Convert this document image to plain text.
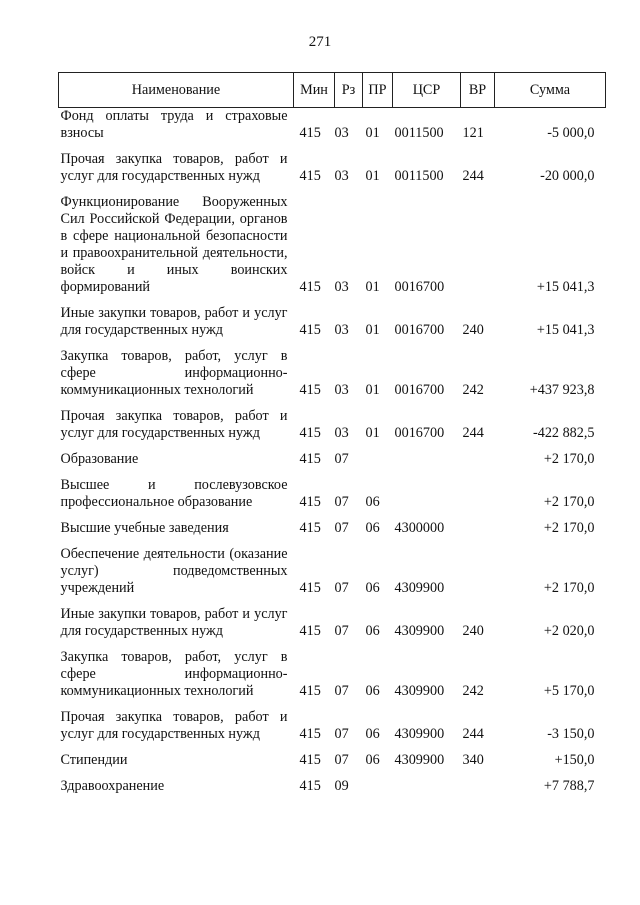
271
Наименование	Мин	Рз	ПР	ЦСР	ВР	Сумма
Фонд оплаты труда и страховые взносы	415	03	01	0011500	121	-5 000,0

Прочая закупка товаров, работ и услуг для государственных нужд	415	03	01	0011500	244	-20 000,0

Функционирование Вооруженных Сил Российской Федерации, органов в сфере национальной безопасности и правоохранительной деятельности, войск и иных воинских формирований	415	03	01	0016700		+15 041,3

Иные закупки товаров, работ и услуг для государственных нужд	415	03	01	0016700	240	+15 041,3

Закупка товаров, работ, услуг в сфере информационно-коммуникационных технологий	415	03	01	0016700	242	+437 923,8

Прочая закупка товаров, работ и услуг для государственных нужд	415	03	01	0016700	244	-422 882,5

Образование	415	07				+2 170,0

Высшее и послевузовское профессиональное образование	415	07	06			+2 170,0

Высшие учебные заведения	415	07	06	4300000		+2 170,0

Обеспечение деятельности (оказание услуг) подведомственных учреждений	415	07	06	4309900		+2 170,0

Иные закупки товаров, работ и услуг для государственных нужд	415	07	06	4309900	240	+2 020,0

Закупка товаров, работ, услуг в сфере информационно-коммуникационных технологий	415	07	06	4309900	242	+5 170,0

Прочая закупка товаров, работ и услуг для государственных нужд	415	07	06	4309900	244	-3 150,0

Стипендии	415	07	06	4309900	340	+150,0

Здравоохранение	415	09				+7 788,7
